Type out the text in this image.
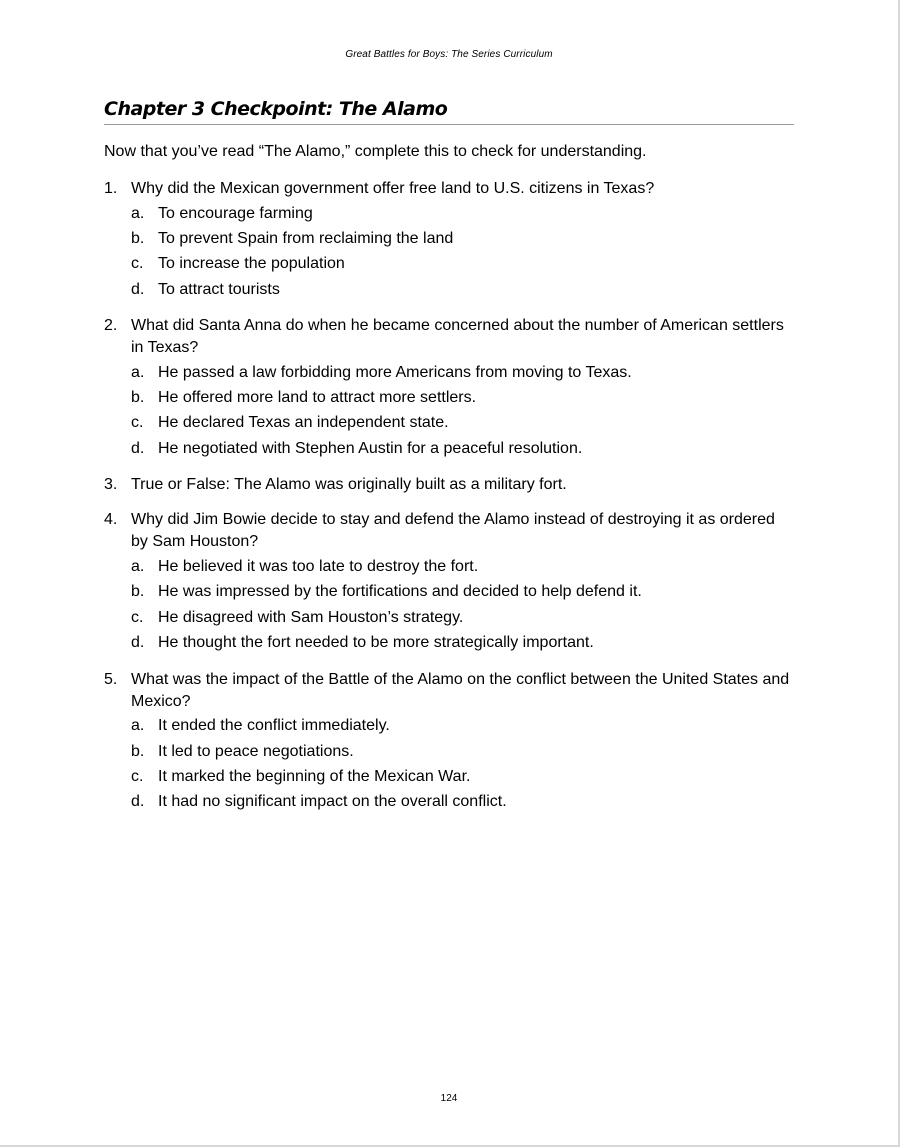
Great Battles for Boys: The Series Curriculum
Chapter 3 Checkpoint: The Alamo
Now that you’ve read “The Alamo,” complete this to check for understanding.
1. Why did the Mexican government offer free land to U.S. citizens in Texas?
a. To encourage farming
b. To prevent Spain from reclaiming the land
c. To increase the population
d. To attract tourists
2. What did Santa Anna do when he became concerned about the number of American settlers in Texas?
a. He passed a law forbidding more Americans from moving to Texas.
b. He offered more land to attract more settlers.
c. He declared Texas an independent state.
d. He negotiated with Stephen Austin for a peaceful resolution.
3. True or False: The Alamo was originally built as a military fort.
4. Why did Jim Bowie decide to stay and defend the Alamo instead of destroying it as ordered by Sam Houston?
a. He believed it was too late to destroy the fort.
b. He was impressed by the fortifications and decided to help defend it.
c. He disagreed with Sam Houston’s strategy.
d. He thought the fort needed to be more strategically important.
5. What was the impact of the Battle of the Alamo on the conflict between the United States and Mexico?
a. It ended the conflict immediately.
b. It led to peace negotiations.
c. It marked the beginning of the Mexican War.
d. It had no significant impact on the overall conflict.
124
